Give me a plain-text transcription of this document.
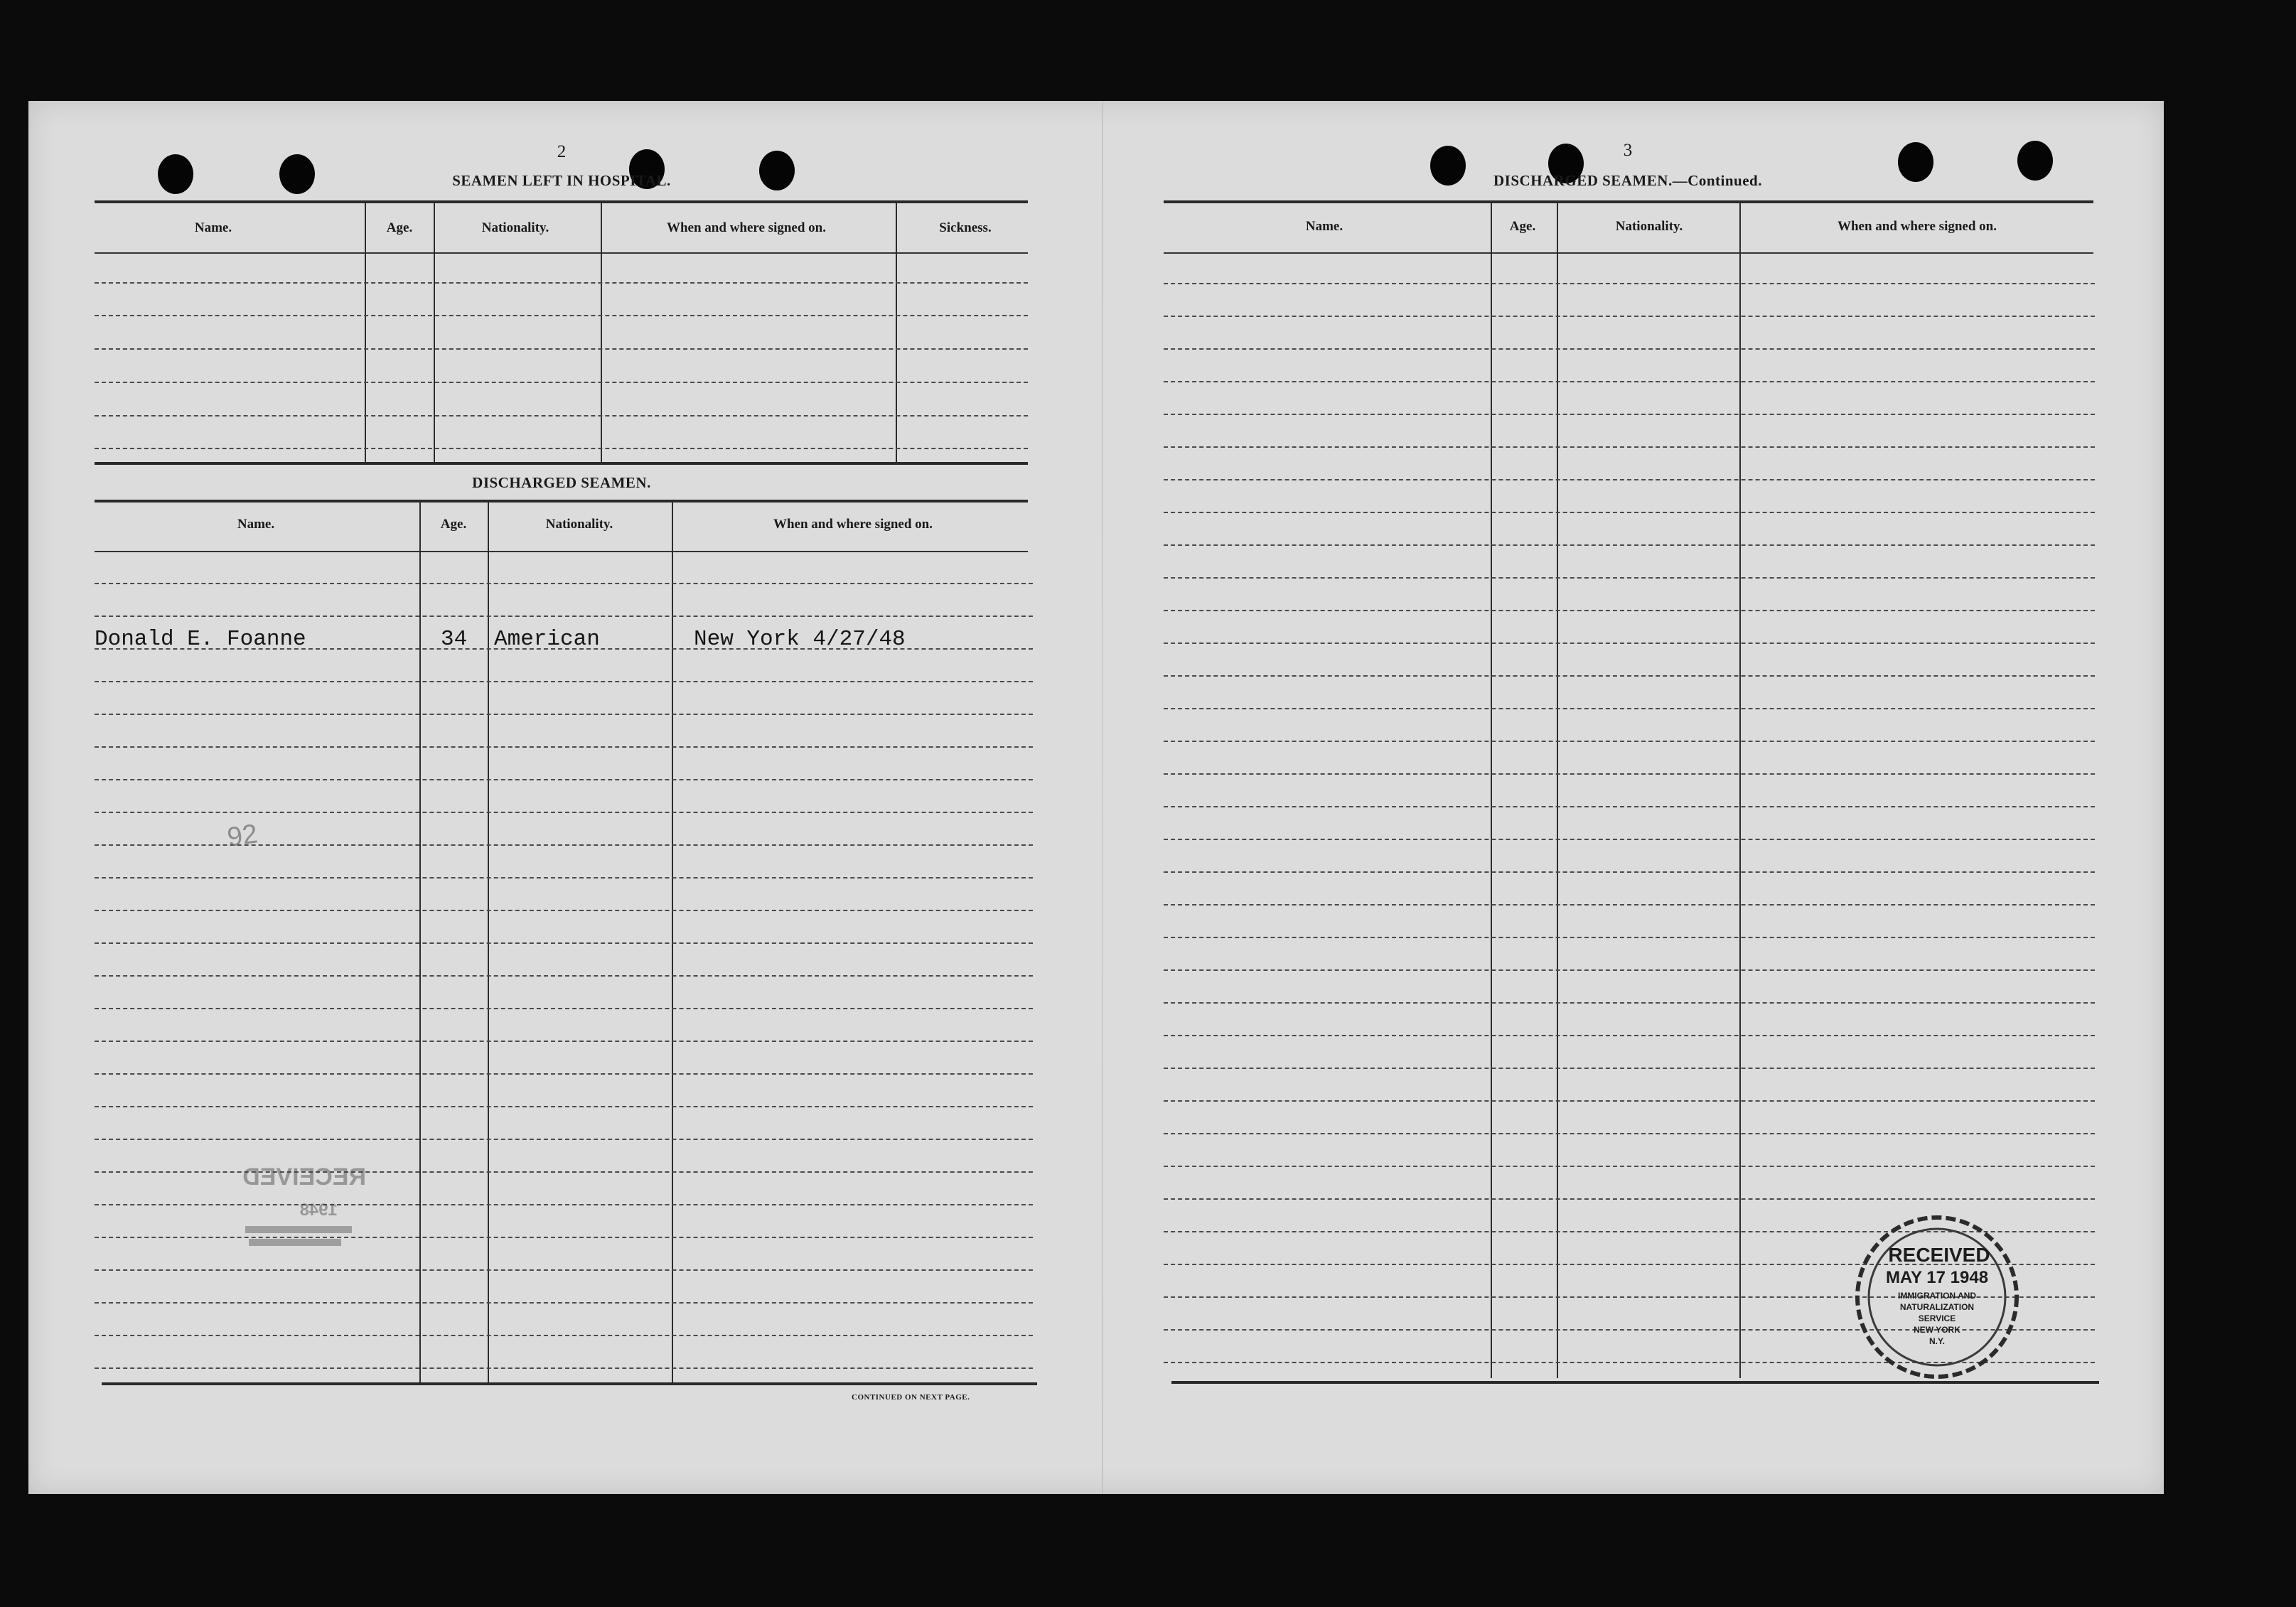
2
SEAMEN LEFT IN HOSPITAL.
Name.	Age.	Nationality.	When and where signed on.	Sickness.
DISCHARGED SEAMEN.
Name.	Age.	Nationality.	When and where signed on.
Donald E. Foanne	34 American	New York 4/27/48
CONTINUED ON NEXT PAGE.
92
RECEIVED
1948
3
DISCHARGED SEAMEN.—Continued.
Name.	Age.	Nationality.	When and where signed on.
RECEIVED
MAY 17 1948
IMMIGRATION AND
NATURALIZATION
SERVICE
NEW YORK
N.Y.
